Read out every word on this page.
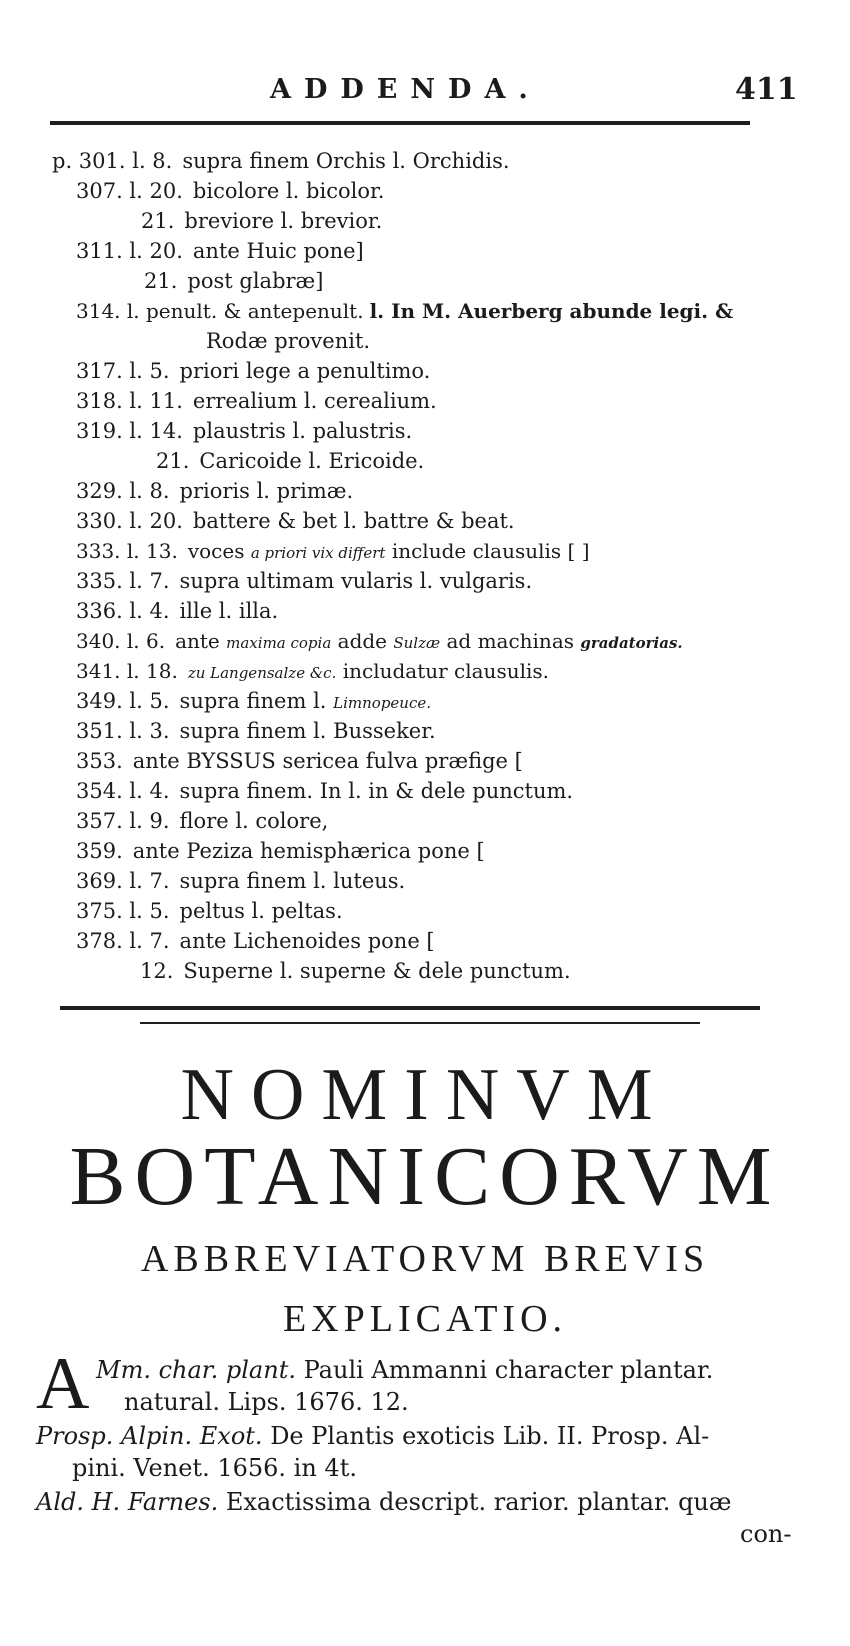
ADDENDA.	411
p. 301. l. 8. supra finem Orchis l. Orchidis.
307. l. 20. bicolore l. bicolor.
21. breviore l. brevior.
311. l. 20. ante Huic pone]
21. post glabræ]
314. l. penult. & antepenult. l. In M. Auerberg abunde legi. &
Rodæ provenit.
317. l. 5. priori lege a penultimo.
318. l. 11. errealium l. cerealium.
319. l. 14. plaustris l. palustris.
21. Caricoide l. Ericoide.
329. l. 8. prioris l. primæ.
330. l. 20. battere & bet l. battre & beat.
333. l. 13. voces a priori vix differt include clausulis [ ]
335. l. 7. supra ultimam vularis l. vulgaris.
336. l. 4. ille l. illa.
340. l. 6. ante maxima copia adde Sulzæ ad machinas gradatorias.
341. l. 18. zu Langensalze &c. includatur clausulis.
349. l. 5. supra finem l. Limnopeuce.
351. l. 3. supra finem l. Busseker.
353. ante BYSSUS sericea fulva præfige [
354. l. 4. supra finem. In l. in & dele punctum.
357. l. 9. flore l. colore,
359. ante Peziza hemisphærica pone [
369. l. 7. supra finem l. luteus.
375. l. 5. peltus l. peltas.
378. l. 7. ante Lichenoides pone [
12. Superne l. superne & dele punctum.
NOMINVM
BOTANICORVM
ABBREVIATORVM BREVIS
EXPLICATIO.
A Mm. char. plant. Pauli Ammanni character plantar.
natural. Lips. 1676. 12.
Prosp. Alpin. Exot. De Plantis exoticis Lib. II. Prosp. Al-
pini. Venet. 1656. in 4t.
Ald. H. Farnes. Exactissima descript. rarior. plantar. quæ
con-
